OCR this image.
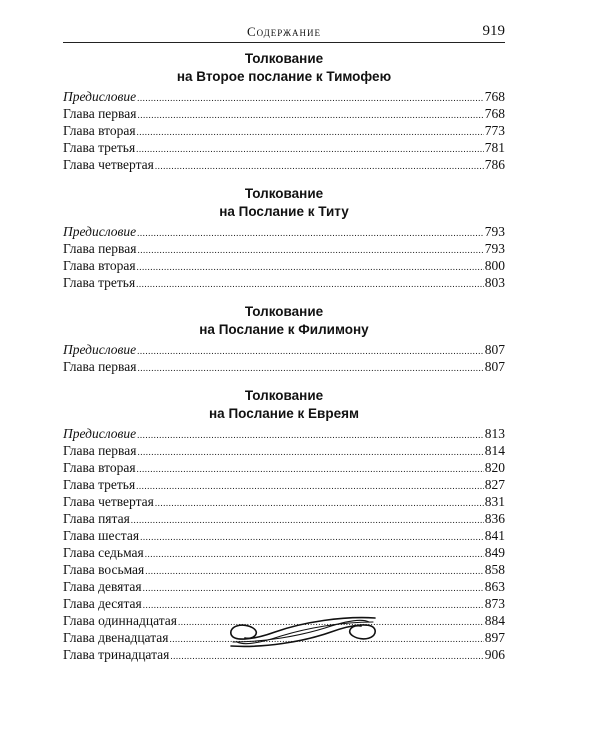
Содержание	919
Толкование
на Второе послание к Тимофею
Предисловие .....	768
Глава первая .....	768
Глава вторая .....	773
Глава третья .....	781
Глава четвертая .....	786
Толкование
на Послание к Титу
Предисловие .....	793
Глава первая .....	793
Глава вторая .....	800
Глава третья .....	803
Толкование
на Послание к Филимону
Предисловие .....	807
Глава первая .....	807
Толкование
на Послание к Евреям
Предисловие .....	813
Глава первая .....	814
Глава вторая .....	820
Глава третья .....	827
Глава четвертая .....	831
Глава пятая .....	836
Глава шестая .....	841
Глава седьмая .....	849
Глава восьмая .....	858
Глава девятая .....	863
Глава десятая .....	873
Глава одиннадцатая .....	884
Глава двенадцатая .....	897
Глава тринадцатая .....	906
